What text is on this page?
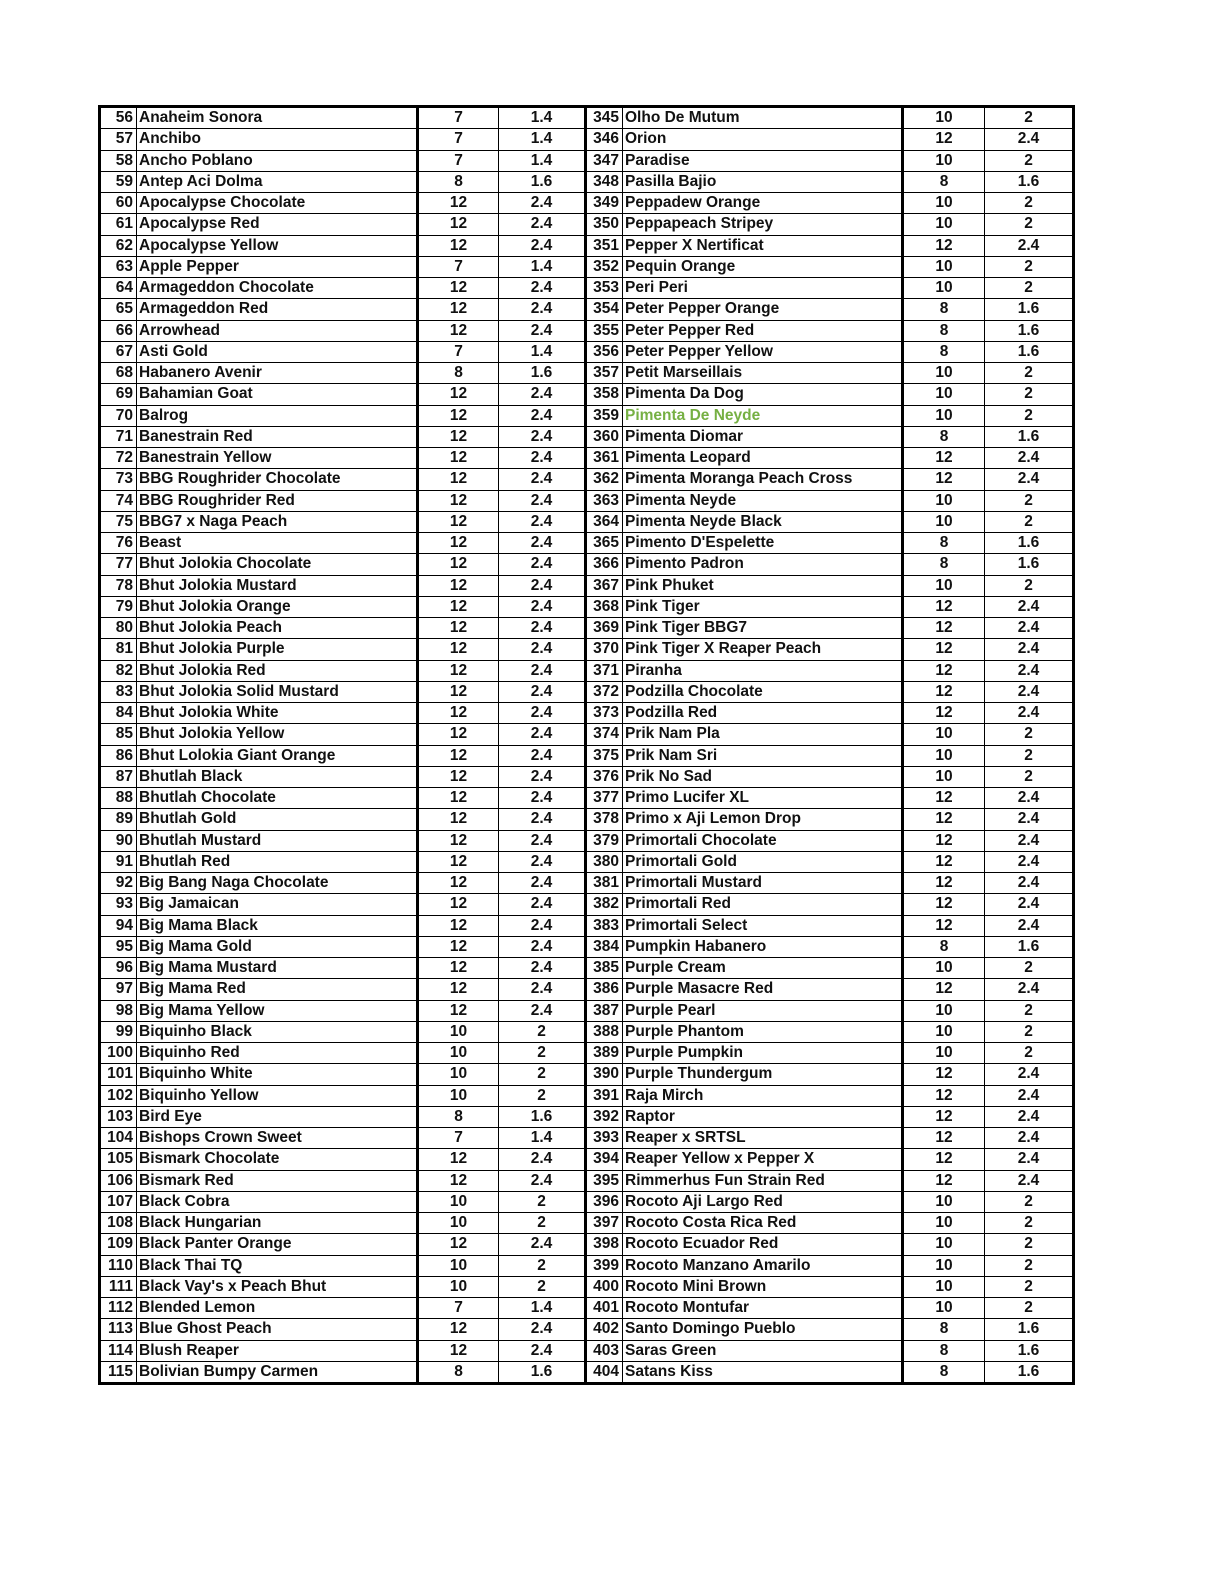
56	Anaheim Sonora	7	1.4	345	Olho De Mutum	10	2
57	Anchibo	7	1.4	346	Orion	12	2.4
58	Ancho Poblano	7	1.4	347	Paradise	10	2
59	Antep Aci Dolma	8	1.6	348	Pasilla Bajio	8	1.6
60	Apocalypse Chocolate	12	2.4	349	Peppadew Orange	10	2
61	Apocalypse Red	12	2.4	350	Peppapeach Stripey	10	2
62	Apocalypse Yellow	12	2.4	351	Pepper X Nertificat	12	2.4
63	Apple Pepper	7	1.4	352	Pequin Orange	10	2
64	Armageddon Chocolate	12	2.4	353	Peri Peri	10	2
65	Armageddon Red	12	2.4	354	Peter Pepper Orange	8	1.6
66	Arrowhead	12	2.4	355	Peter Pepper Red	8	1.6
67	Asti Gold	7	1.4	356	Peter Pepper Yellow	8	1.6
68	Habanero Avenir	8	1.6	357	Petit Marseillais	10	2
69	Bahamian Goat	12	2.4	358	Pimenta Da Dog	10	2
70	Balrog	12	2.4	359	Pimenta De Neyde	10	2
71	Banestrain Red	12	2.4	360	Pimenta Diomar	8	1.6
72	Banestrain Yellow	12	2.4	361	Pimenta Leopard	12	2.4
73	BBG Roughrider Chocolate	12	2.4	362	Pimenta Moranga Peach Cross	12	2.4
74	BBG Roughrider Red	12	2.4	363	Pimenta Neyde	10	2
75	BBG7 x Naga Peach	12	2.4	364	Pimenta Neyde Black	10	2
76	Beast	12	2.4	365	Pimento D'Espelette	8	1.6
77	Bhut Jolokia Chocolate	12	2.4	366	Pimento Padron	8	1.6
78	Bhut Jolokia Mustard	12	2.4	367	Pink Phuket	10	2
79	Bhut Jolokia Orange	12	2.4	368	Pink Tiger	12	2.4
80	Bhut Jolokia Peach	12	2.4	369	Pink Tiger BBG7	12	2.4
81	Bhut Jolokia Purple	12	2.4	370	Pink Tiger X Reaper Peach	12	2.4
82	Bhut Jolokia Red	12	2.4	371	Piranha	12	2.4
83	Bhut Jolokia Solid Mustard	12	2.4	372	Podzilla Chocolate	12	2.4
84	Bhut Jolokia White	12	2.4	373	Podzilla Red	12	2.4
85	Bhut Jolokia Yellow	12	2.4	374	Prik Nam Pla	10	2
86	Bhut Lolokia Giant Orange	12	2.4	375	Prik Nam Sri	10	2
87	Bhutlah Black	12	2.4	376	Prik No Sad	10	2
88	Bhutlah Chocolate	12	2.4	377	Primo Lucifer XL	12	2.4
89	Bhutlah Gold	12	2.4	378	Primo x Aji Lemon Drop	12	2.4
90	Bhutlah Mustard	12	2.4	379	Primortali Chocolate	12	2.4
91	Bhutlah Red	12	2.4	380	Primortali Gold	12	2.4
92	Big Bang Naga Chocolate	12	2.4	381	Primortali Mustard	12	2.4
93	Big Jamaican	12	2.4	382	Primortali Red	12	2.4
94	Big Mama Black	12	2.4	383	Primortali Select	12	2.4
95	Big Mama Gold	12	2.4	384	Pumpkin Habanero	8	1.6
96	Big Mama Mustard	12	2.4	385	Purple Cream	10	2
97	Big Mama Red	12	2.4	386	Purple Masacre Red	12	2.4
98	Big Mama Yellow	12	2.4	387	Purple Pearl	10	2
99	Biquinho Black	10	2	388	Purple Phantom	10	2
100	Biquinho Red	10	2	389	Purple Pumpkin	10	2
101	Biquinho White	10	2	390	Purple Thundergum	12	2.4
102	Biquinho Yellow	10	2	391	Raja Mirch	12	2.4
103	Bird Eye	8	1.6	392	Raptor	12	2.4
104	Bishops Crown Sweet	7	1.4	393	Reaper x SRTSL	12	2.4
105	Bismark Chocolate	12	2.4	394	Reaper Yellow x Pepper X	12	2.4
106	Bismark Red	12	2.4	395	Rimmerhus Fun Strain Red	12	2.4
107	Black Cobra	10	2	396	Rocoto Aji Largo Red	10	2
108	Black Hungarian	10	2	397	Rocoto Costa Rica Red	10	2
109	Black Panter Orange	12	2.4	398	Rocoto Ecuador Red	10	2
110	Black Thai TQ	10	2	399	Rocoto Manzano Amarilo	10	2
111	Black Vay's x Peach Bhut	10	2	400	Rocoto Mini Brown	10	2
112	Blended Lemon	7	1.4	401	Rocoto Montufar	10	2
113	Blue Ghost Peach	12	2.4	402	Santo Domingo Pueblo	8	1.6
114	Blush Reaper	12	2.4	403	Saras Green	8	1.6
115	Bolivian Bumpy Carmen	8	1.6	404	Satans Kiss	8	1.6
